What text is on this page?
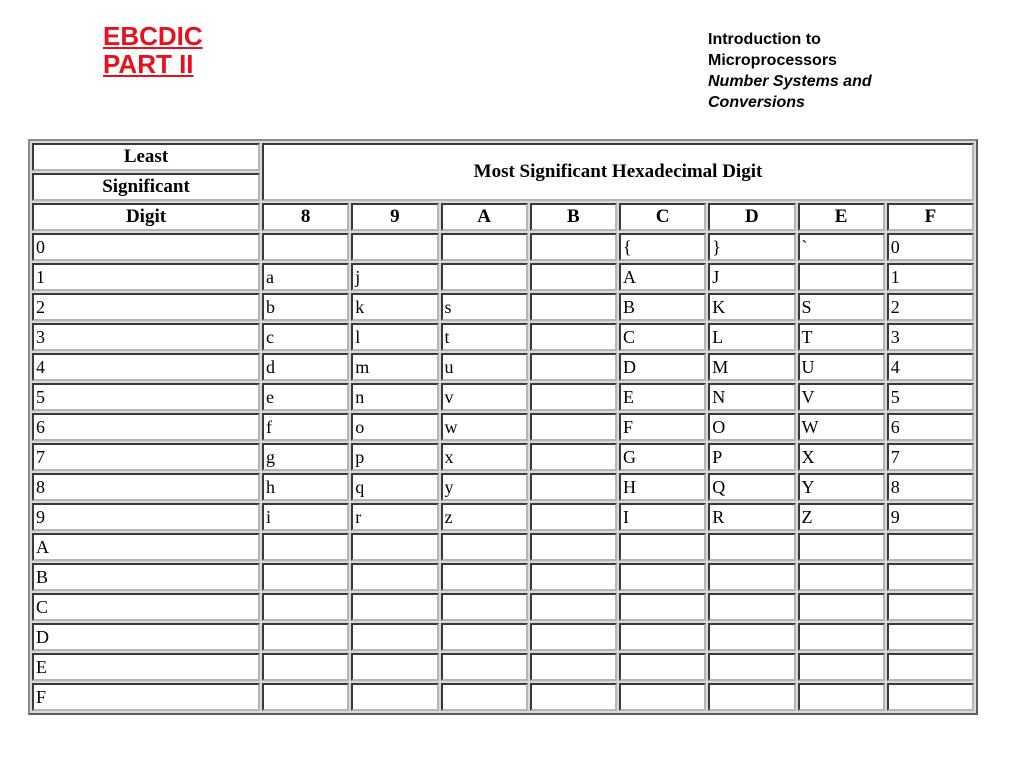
EBCDIC
PART II
Introduction to
Microprocessors
Number Systems and
Conversions
Least	Most Significant Hexadecimal Digit							
Significant								
Digit	8	9	A	B	C	D	E	F
0					{	}	`	0
1	a	j			A	J		1
2	b	k	s		B	K	S	2
3	c	l	t		C	L	T	3
4	d	m	u		D	M	U	4
5	e	n	v		E	N	V	5
6	f	o	w		F	O	W	6
7	g	p	x		G	P	X	7
8	h	q	y		H	Q	Y	8
9	i	r	z		I	R	Z	9
A								
B								
C								
D								
E								
F								
